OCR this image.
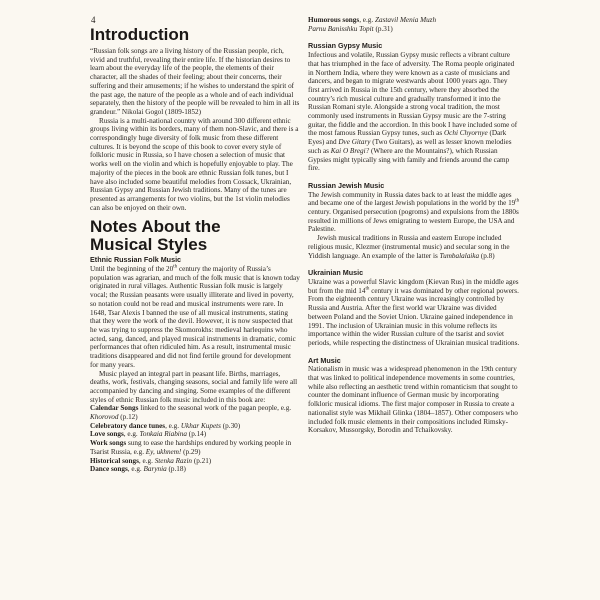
4
Introduction

“Russian folk songs are a living history of the Russian people, rich, vivid and truthful, revealing their entire life. If the historian desires to learn about the everyday life of the people, the elements of their character, all the shades of their feeling; about their concerns, their suffering and their amusements; if he wishes to understand the spirit of the past age, the nature of the people as a whole and of each individual separately, then the history of the people will be revealed to him in all its grandeur.” Nikolai Gogol (1809-1852)

Russia is a multi-national country with around 300 different ethnic groups living within its borders, many of them non-Slavic, and there is a correspondingly huge diversity of folk music from these different cultures. It is beyond the scope of this book to cover every style of folkloric music in Russia, so I have chosen a selection of music that works well on the violin and which is hopefully enjoyable to play. The majority of the pieces in the book are ethnic Russian folk tunes, but I have also included some beautiful melodies from Cossack, Ukrainian, Russian Gypsy and Russian Jewish traditions. Many of the tunes are presented as arrangements for two violins, but the 1st violin melodies can also be enjoyed on their own.

Notes About the
Musical Styles
Ethnic Russian Folk Music

Until the beginning of the 20th century the majority of Russia’s population was agrarian, and much of the folk music that is known today originated in rural villages. Authentic Russian folk music is largely vocal; the Russian peasants were usually illiterate and lived in poverty, so notation could not be read and musical instruments were rare. In 1648, Tsar Alexis I banned the use of all musical instruments, stating that they were the work of the devil. However, it is now suspected that he was trying to suppress the Skomorokhs: medieval harlequins who acted, sang, danced, and played musical instruments in dramatic, comic performances that often ridiculed him. As a result, instrumental music traditions disappeared and did not find fertile ground for development for many years.

Music played an integral part in peasant life. Births, marriages, deaths, work, festivals, changing seasons, social and family life were all accompanied by dancing and singing. Some examples of the different styles of ethnic Russian folk music included in this book are:

Calendar Songs linked to the seasonal work of the pagan people, e.g. Khorovod (p.12)

Celebratory dance tunes, e.g. Ukhar Kupets (p.30)

Love songs, e.g. Tonkaia Riabina (p.14)

Work songs sung to ease the hardships endured by working people in Tsarist Russia, e.g. Ey, ukhnem! (p.29)

Historical songs, e.g. Stenka Razin (p.21)

Dance songs, e.g. Barynia (p.18)

Humorous songs, e.g. Zastavil Menia Muzh
Parnu Banisshku Topit (p.31)

Russian Gypsy Music

Infectious and volatile, Russian Gypsy music reflects a vibrant culture that has triumphed in the face of adversity. The Roma people originated in Northern India, where they were known as a caste of musicians and dancers, and began to migrate westwards about 1000 years ago. They first arrived in Russia in the 15th century, where they absorbed the country’s rich musical culture and gradually transformed it into the Russian Romani style. Alongside a strong vocal tradition, the most commonly used instruments in Russian Gypsy music are the 7-string guitar, the fiddle and the accordion. In this book I have included some of the most famous Russian Gypsy tunes, such as Ochi Chyornye (Dark Eyes) and Dve Gitary (Two Guitars), as well as lesser known melodies such as Kai O Bregi? (Where are the Mountains?), which Russian Gypsies might typically sing with family and friends around the camp fire.

Russian Jewish Music

The Jewish community in Russia dates back to at least the middle ages and became one of the largest Jewish populations in the world by the 19th century. Organised persecution (pogroms) and expulsions from the 1880s resulted in millions of Jews emigrating to western Europe, the USA and Palestine.

Jewish musical traditions in Russia and eastern Europe included religious music, Klezmer (instrumental music) and secular song in the Yiddish language. An example of the latter is Tumbalalaika (p.8)

Ukrainian Music

Ukraine was a powerful Slavic kingdom (Kievan Rus) in the middle ages but from the mid 14th century it was dominated by other regional powers. From the eighteenth century Ukraine was increasingly controlled by Russia and Austria. After the first world war Ukraine was divided between Poland and the Soviet Union. Ukraine gained independence in 1991. The inclusion of Ukrainian music in this volume reflects its importance within the wider Russian culture of the tsarist and soviet periods, while respecting the distinctness of Ukrainian musical traditions.

Art Music

Nationalism in music was a widespread phenomenon in the 19th century that was linked to political independence movements in some countries, while also reflecting an aesthetic trend within romanticism that sought to counter the dominant influence of German music by incorporating folkloric musical idioms. The first major composer in Russia to create a nationalist style was Mikhail Glinka (1804–1857). Other composers who included folk music elements in their compositions included Rimsky-Korsakov, Mussorgsky, Borodin and Tchaikovsky.
